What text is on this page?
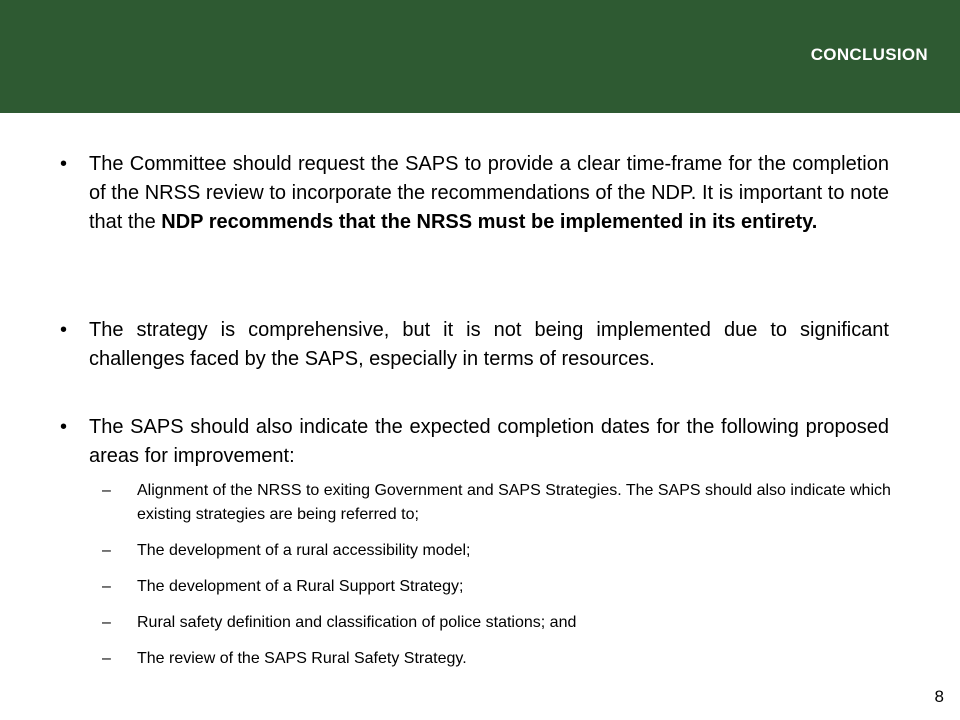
CONCLUSION
• The Committee should request the SAPS to provide a clear time-frame for the completion of the NRSS review to incorporate the recommendations of the NDP. It is important to note that the NDP recommends that the NRSS must be implemented in its entirety.
• The strategy is comprehensive, but it is not being implemented due to significant challenges faced by the SAPS, especially in terms of resources.
• The SAPS should also indicate the expected completion dates for the following proposed areas for improvement:
– Alignment of the NRSS to exiting Government and SAPS Strategies. The SAPS should also indicate which existing strategies are being referred to;
– The development of a rural accessibility model;
– The development of a Rural Support Strategy;
– Rural safety definition and classification of police stations; and
– The review of the SAPS Rural Safety Strategy.
8
